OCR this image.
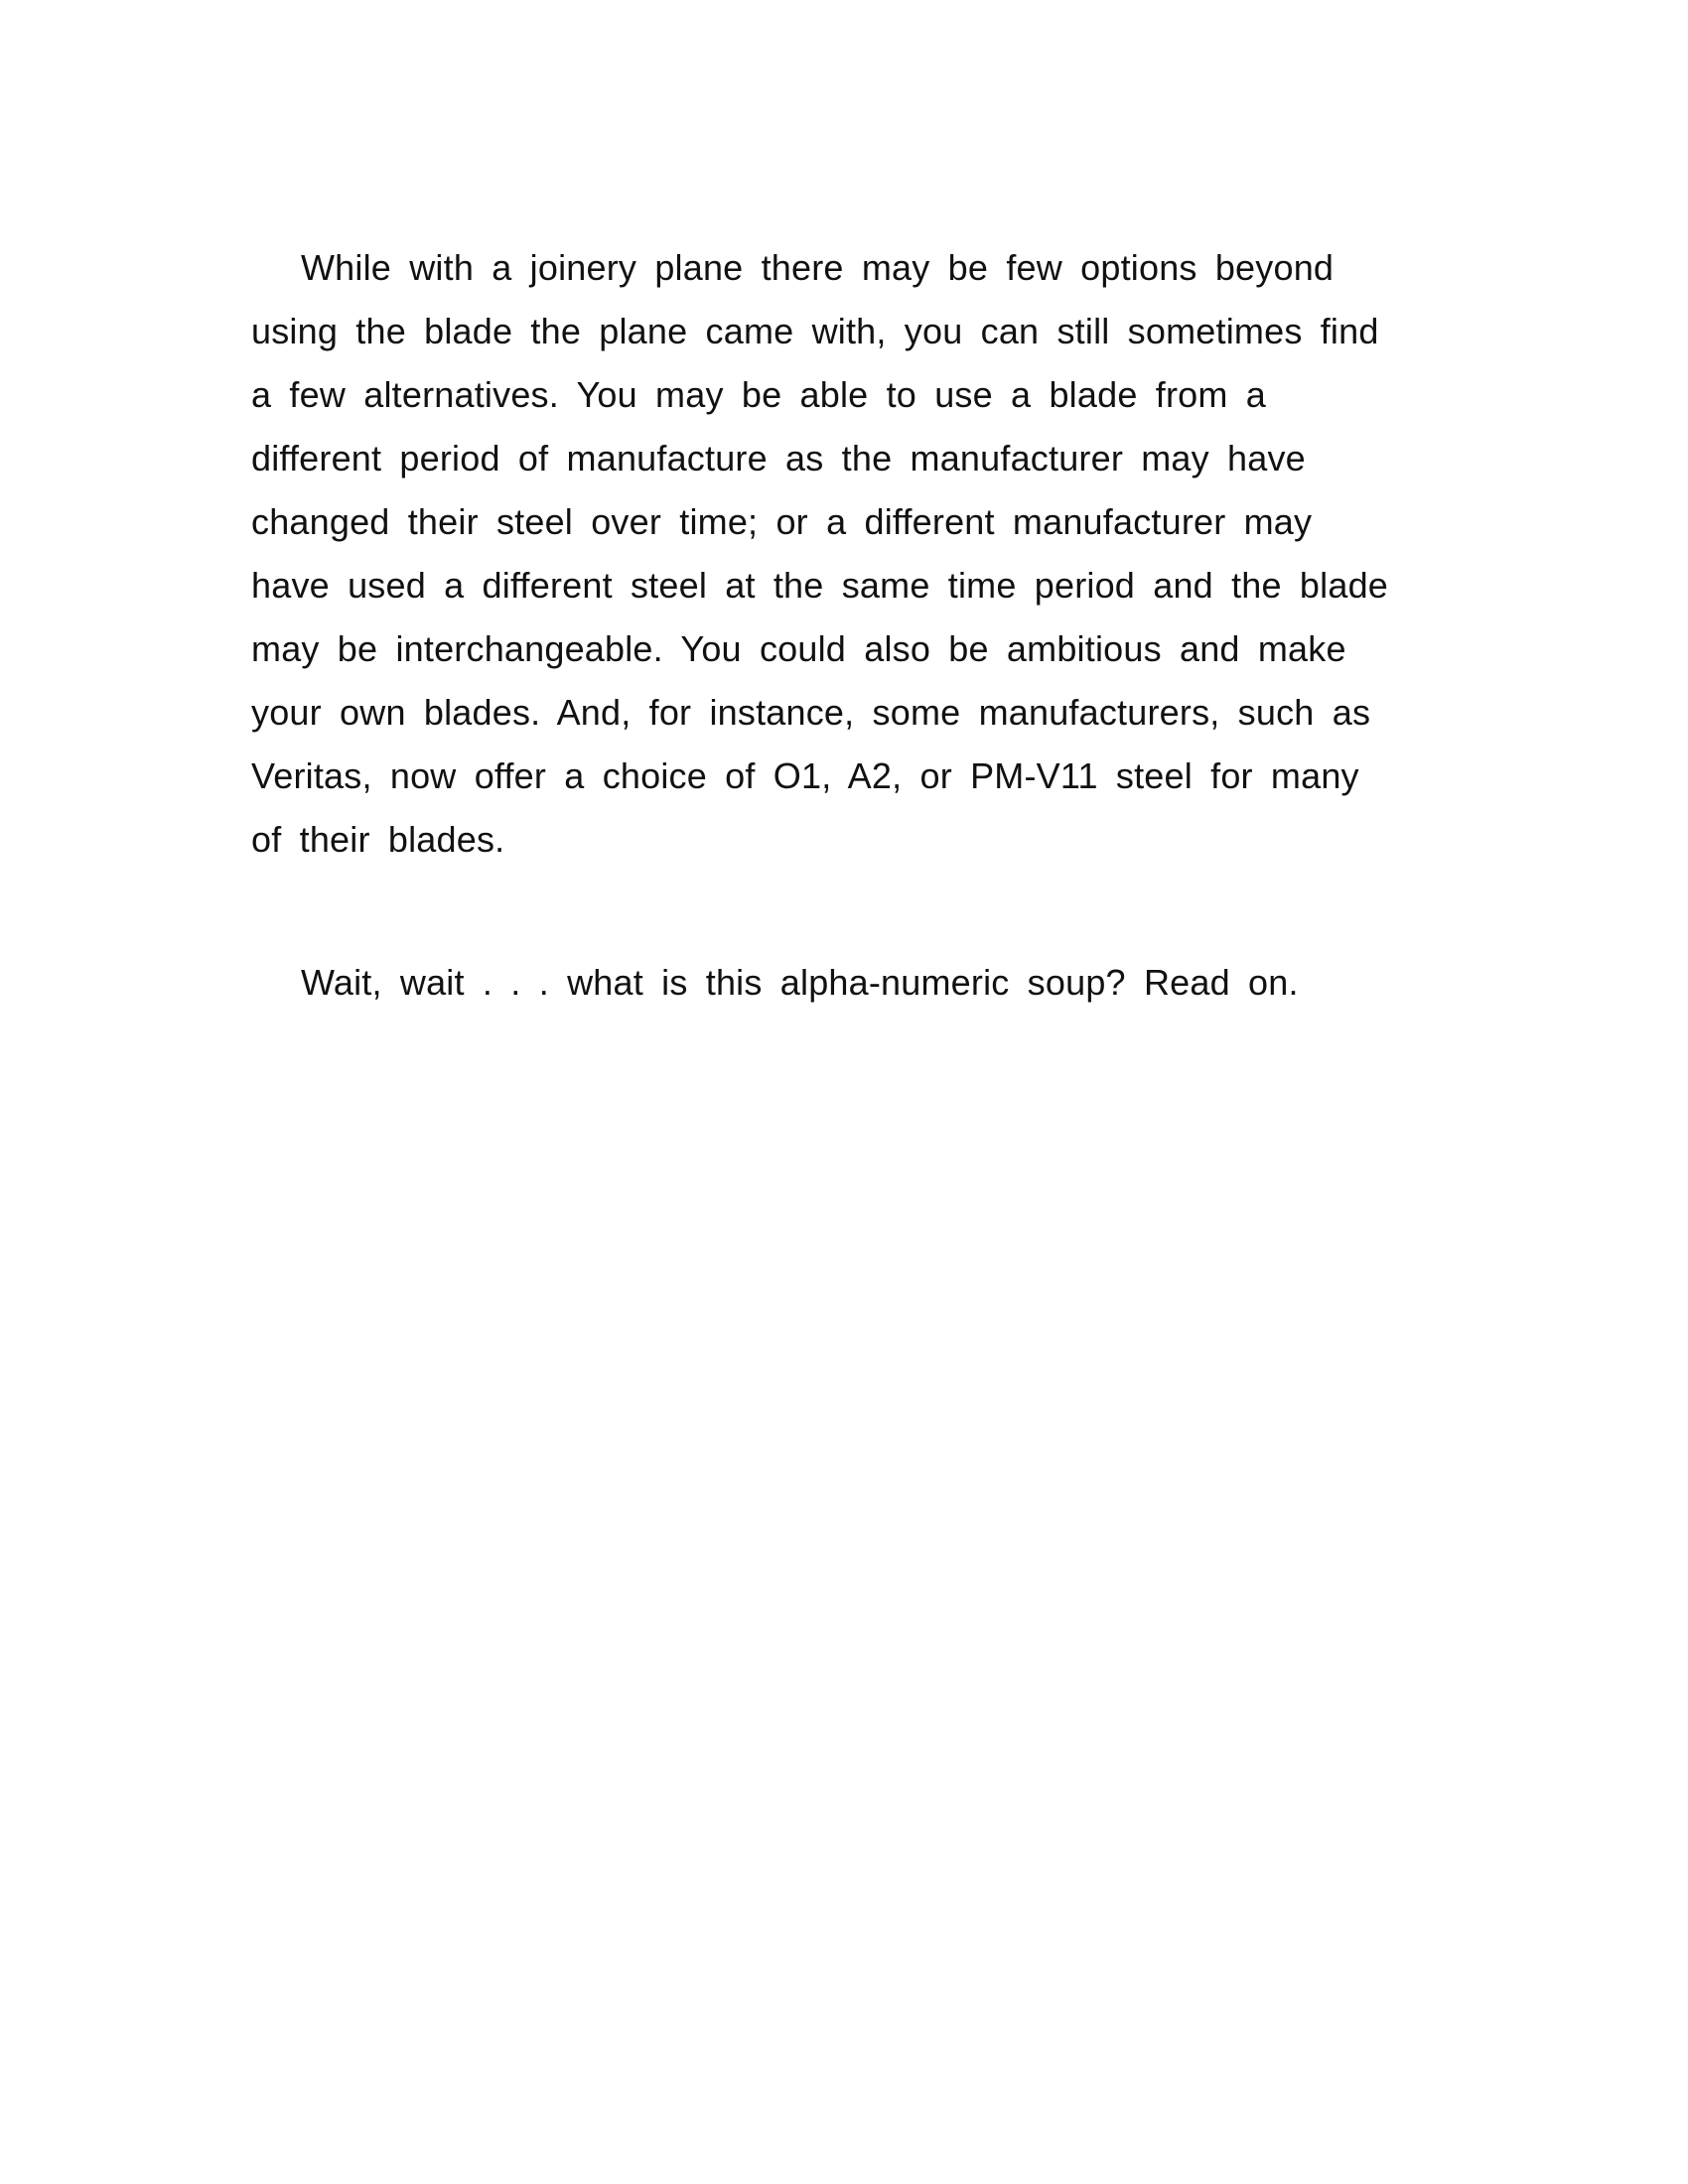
While with a joinery plane there may be few options beyond
using the blade the plane came with, you can still sometimes find
a few alternatives. You may be able to use a blade from a
different period of manufacture as the manufacturer may have
changed their steel over time; or a different manufacturer may
have used a different steel at the same time period and the blade
may be interchangeable. You could also be ambitious and make
your own blades. And, for instance, some manufacturers, such as
Veritas, now offer a choice of O1, A2, or PM-V11 steel for many
of their blades.

Wait, wait . . . what is this alpha-numeric soup? Read on.
